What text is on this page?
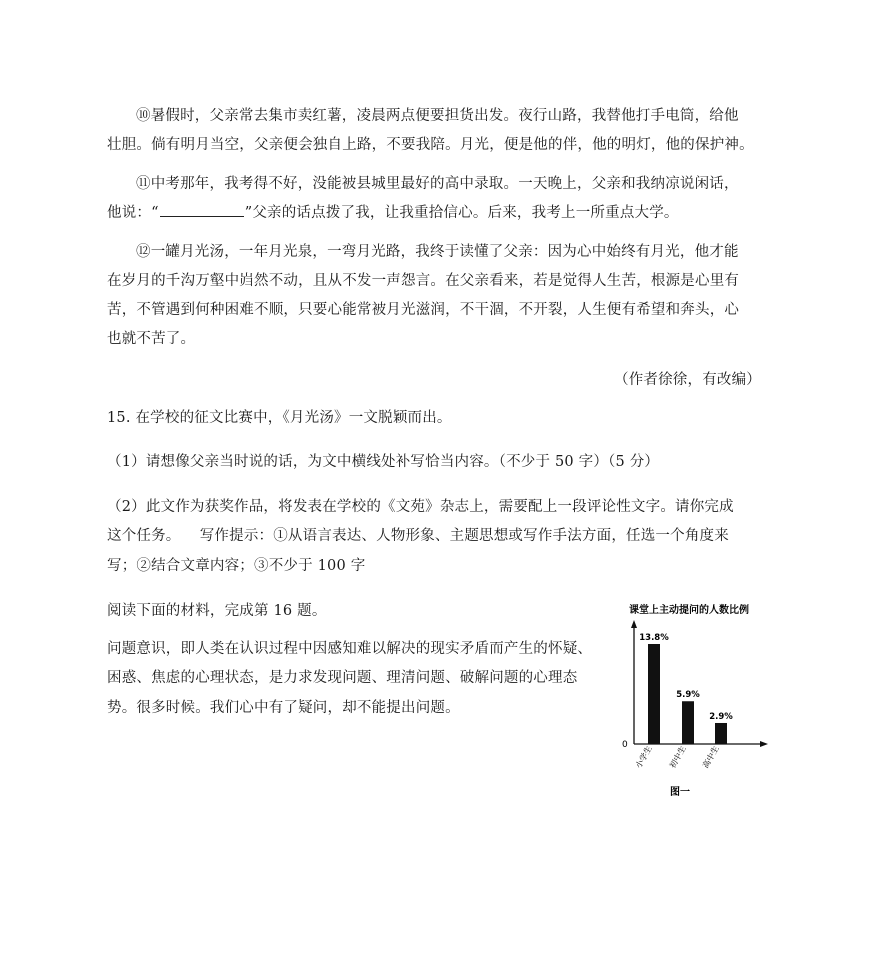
⑩暑假时，父亲常去集市卖红薯，凌晨两点便要担货出发。夜行山路，我替他打手电筒，给他
壮胆。倘有明月当空，父亲便会独自上路，不要我陪。月光，便是他的伴，他的明灯，他的保护神。
⑪中考那年，我考得不好，没能被县城里最好的高中录取。一天晚上，父亲和我纳凉说闲话，
他说：“	”父亲的话点拨了我，让我重拾信心。后来，我考上一所重点大学。
⑫一罐月光汤，一年月光泉，一弯月光路，我终于读懂了父亲：因为心中始终有月光，他才能
在岁月的千沟万壑中岿然不动，且从不发一声怨言。在父亲看来，若是觉得人生苦，根源是心里有
苦，不管遇到何种困难不顺，只要心能常被月光滋润，不干涸，不开裂，人生便有希望和奔头，心
也就不苦了。
（作者徐徐，有改编）
15. 在学校的征文比赛中，《月光汤》一文脱颖而出。
（1）请想像父亲当时说的话，为文中横线处补写恰当内容。（不少于 50 字）（5 分）
（2）此文作为获奖作品，将发表在学校的《文苑》杂志上，需要配上一段评论性文字。请你完成
这个任务。    写作提示：①从语言表达、人物形象、主题思想或写作手法方面，任选一个角度来
写；②结合文章内容；③不少于 100 字
阅读下面的材料，完成第 16 题。
问题意识，即人类在认识过程中因感知难以解决的现实矛盾而产生的怀疑、
困惑、焦虑的心理状态，是力求发现问题、理清问题、破解问题的心理态
势。很多时候。我们心中有了疑问，却不能提出问题。
课堂上主动提问的人数比例
0
13.8%
小学生
5.9%
初中生
2.9%
高中生
图一
